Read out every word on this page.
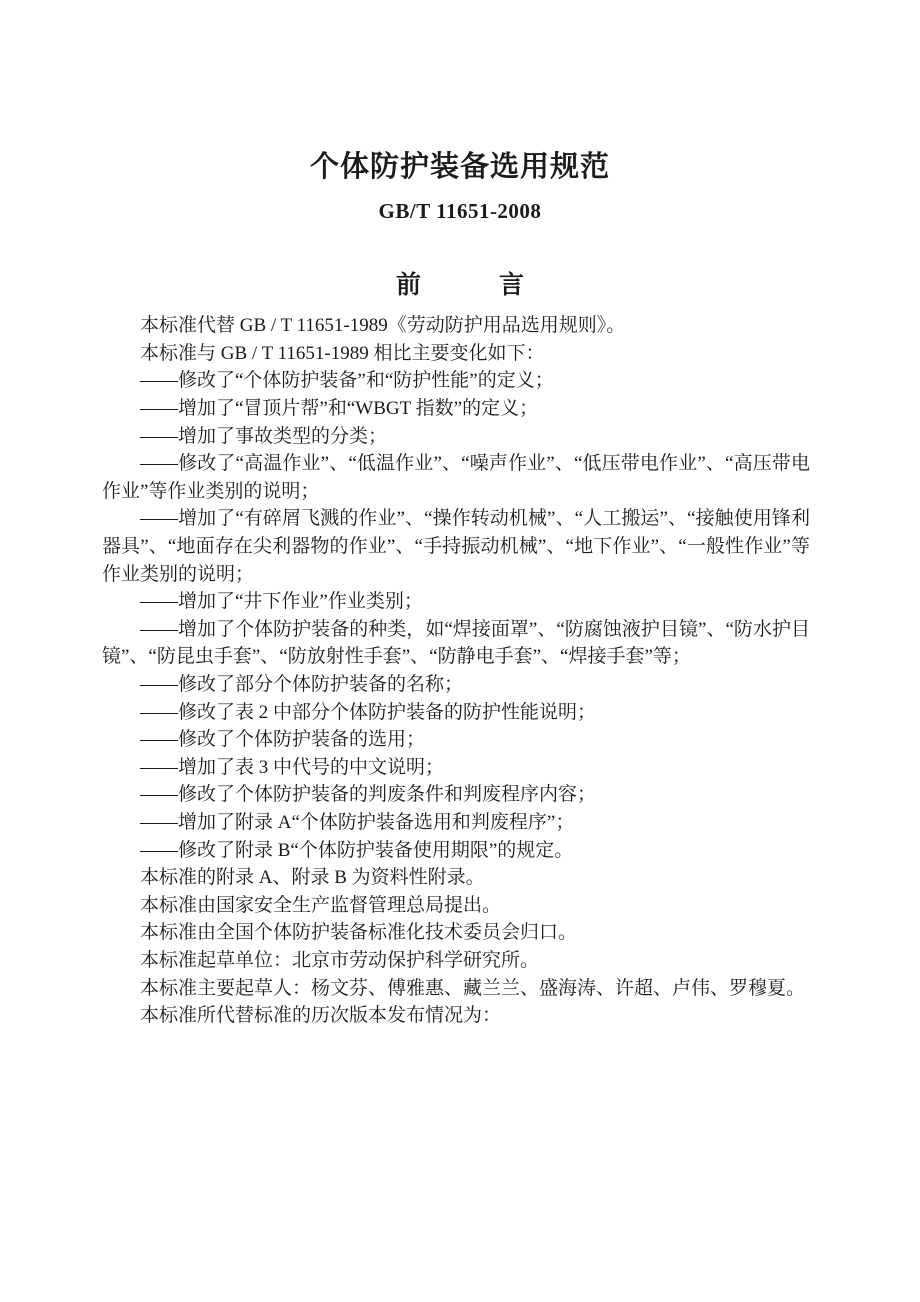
个体防护装备选用规范
GB/T 11651-2008
前	言

本标准代替 GB / T 11651-1989《劳动防护用品选用规则》。

本标准与 GB / T 11651-1989 相比主要变化如下：

——修改了“个体防护装备”和“防护性能”的定义；

——增加了“冒顶片帮”和“WBGT 指数”的定义；

——增加了事故类型的分类；

——修改了“高温作业”、“低温作业”、“噪声作业”、“低压带电作业”、“高压带电作业”等作业类别的说明；

——增加了“有碎屑飞溅的作业”、“操作转动机械”、“人工搬运”、“接触使用锋利器具”、“地面存在尖利器物的作业”、“手持振动机械”、“地下作业”、“一般性作业”等作业类别的说明；

——增加了“井下作业”作业类别；

——增加了个体防护装备的种类，如“焊接面罩”、“防腐蚀液护目镜”、“防水护目镜”、“防昆虫手套”、“防放射性手套”、“防静电手套”、“焊接手套”等；

——修改了部分个体防护装备的名称；

——修改了表 2 中部分个体防护装备的防护性能说明；

——修改了个体防护装备的选用；

——增加了表 3 中代号的中文说明；

——修改了个体防护装备的判废条件和判废程序内容；

——增加了附录 A“个体防护装备选用和判废程序”；

——修改了附录 B“个体防护装备使用期限”的规定。

本标准的附录 A、附录 B 为资料性附录。

本标准由国家安全生产监督管理总局提出。

本标准由全国个体防护装备标准化技术委员会归口。

本标准起草单位：北京市劳动保护科学研究所。

本标准主要起草人：杨文芬、傅雅惠、藏兰兰、盛海涛、许超、卢伟、罗穆夏。

本标准所代替标准的历次版本发布情况为：
